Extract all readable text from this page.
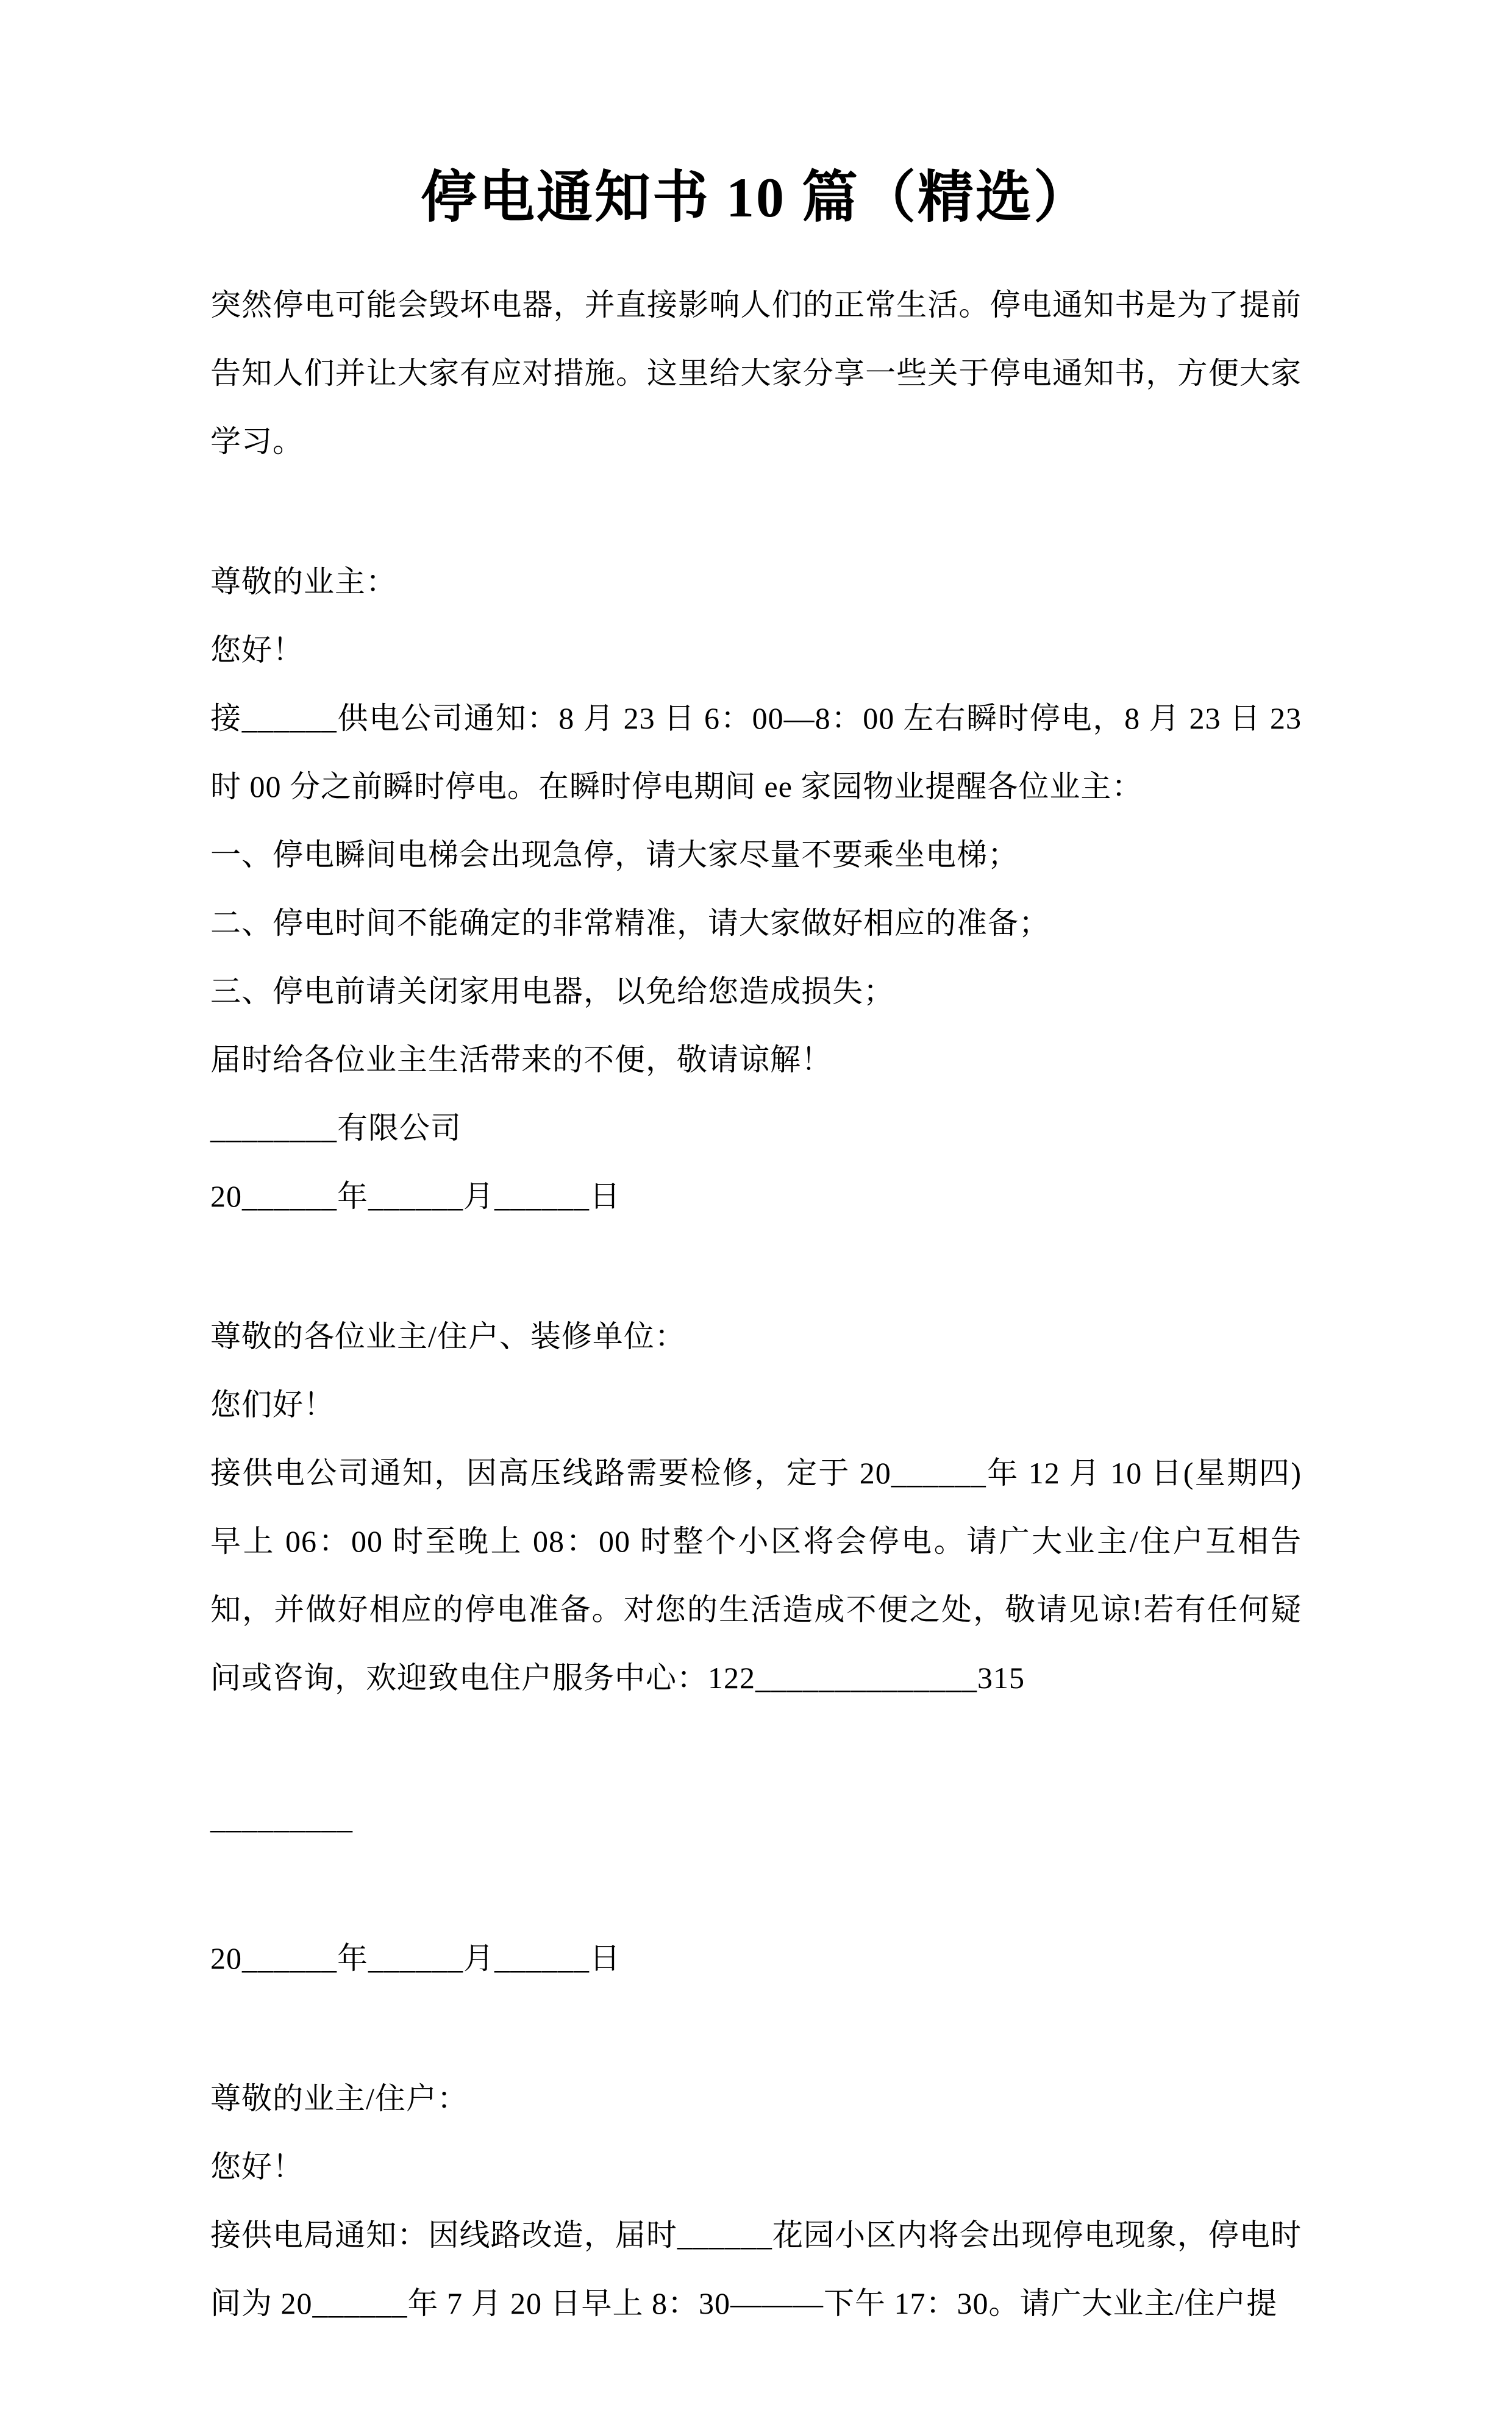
停电通知书 10 篇（精选）

突然停电可能会毁坏电器，并直接影响人们的正常生活。停电通知书是为了提前告知人们并让大家有应对措施。这里给大家分享一些关于停电通知书，方便大家学习。

尊敬的业主：

您好！

接______供电公司通知：8 月 23 日 6：00—8：00 左右瞬时停电，8 月 23 日 23 时 00 分之前瞬时停电。在瞬时停电期间 ee 家园物业提醒各位业主：

一、停电瞬间电梯会出现急停，请大家尽量不要乘坐电梯；

二、停电时间不能确定的非常精准，请大家做好相应的准备；

三、停电前请关闭家用电器，以免给您造成损失；

届时给各位业主生活带来的不便，敬请谅解！

________有限公司

20______年______月______日

尊敬的各位业主/住户、装修单位：

您们好！

接供电公司通知，因高压线路需要检修，定于 20______年 12 月 10 日(星期四)早上 06：00 时至晚上 08：00 时整个小区将会停电。请广大业主/住户互相告知，并做好相应的停电准备。对您的生活造成不便之处，敬请见谅!若有任何疑问或咨询，欢迎致电住户服务中心：122______________315

_________

20______年______月______日

尊敬的业主/住户：

您好！

接供电局通知：因线路改造，届时______花园小区内将会出现停电现象，停电时间为 20______年 7 月 20 日早上 8：30———下午 17：30。请广大业主/住户提
